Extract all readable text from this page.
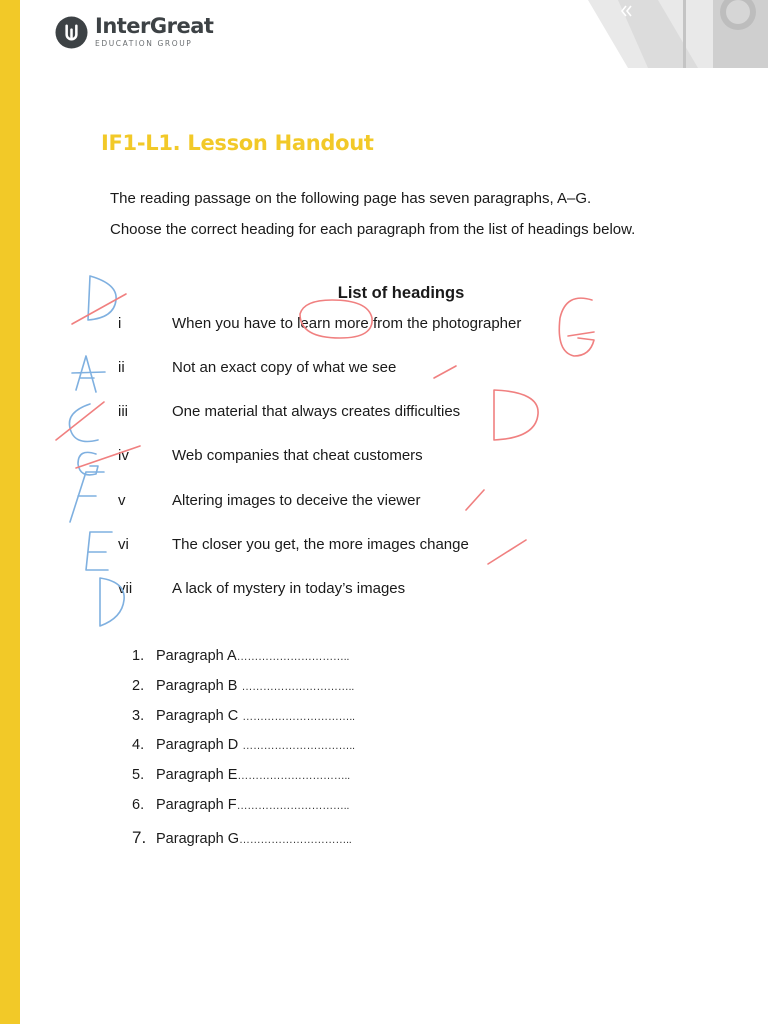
InterGreat
EDUCATION GROUP
IF1-L1. Lesson Handout

The reading passage on the following page has seven paragraphs, A–G.

Choose the correct heading for each paragraph from the list of headings below.

List of headings
i	When you have to learn more from the photographer
ii	Not an exact copy of what we see
iii	One material that always creates difficulties
iv	Web companies that cheat customers
v	Altering images to deceive the viewer
vi	The closer you get, the more images change
vii	A lack of mystery in today’s images
1. Paragraph A…………………………..
2. Paragraph B …………………………..
3. Paragraph C …………………………..
4. Paragraph D …………………………..
5. Paragraph E…………………………..
6. Paragraph F…………………………..
7. Paragraph G…………………………..
